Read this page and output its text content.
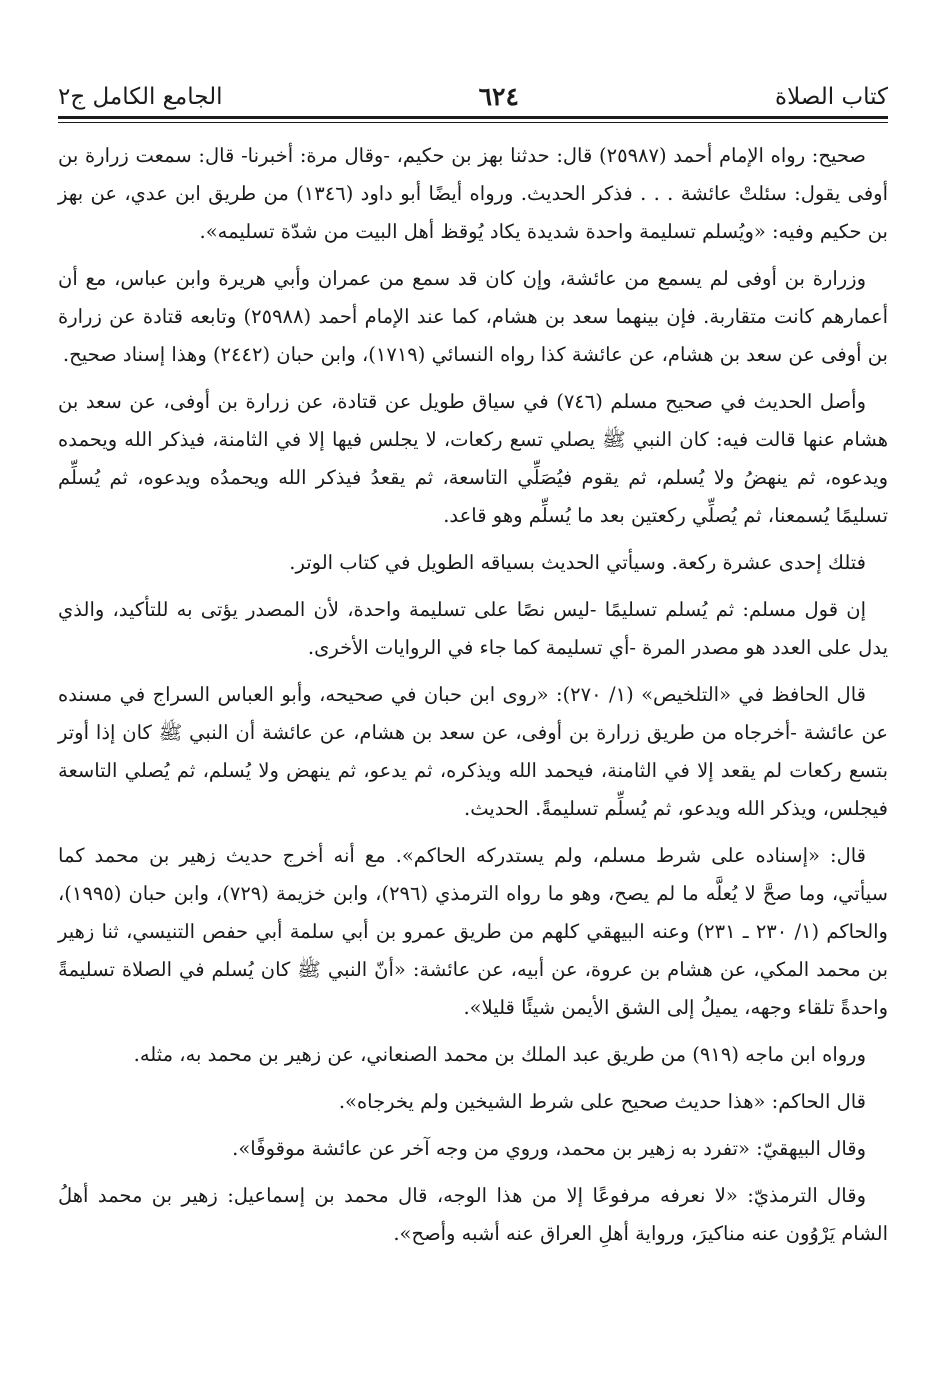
كتاب الصلاة
٦٢٤
الجامع الكامل ج٢

صحيح: رواه الإمام أحمد (٢٥٩٨٧) قال: حدثنا بهز بن حكيم، -وقال مرة: أخبرنا- قال: سمعت زرارة بن أوفى يقول: سئلتْ عائشة . . . فذكر الحديث. ورواه أيضًا أبو داود (١٣٤٦) من طريق ابن عدي، عن بهز بن حكيم وفيه: «ويُسلم تسليمة واحدة شديدة يكاد يُوقظ أهل البيت من شدّة تسليمه».

وزرارة بن أوفى لم يسمع من عائشة، وإن كان قد سمع من عمران وأبي هريرة وابن عباس، مع أن أعمارهم كانت متقاربة. فإن بينهما سعد بن هشام، كما عند الإمام أحمد (٢٥٩٨٨) وتابعه قتادة عن زرارة بن أوفى عن سعد بن هشام، عن عائشة كذا رواه النسائي (١٧١٩)، وابن حبان (٢٤٤٢) وهذا إسناد صحيح.

وأصل الحديث في صحيح مسلم (٧٤٦) في سياق طويل عن قتادة، عن زرارة بن أوفى، عن سعد بن هشام عنها قالت فيه: كان النبي ﷺ يصلي تسع ركعات، لا يجلس فيها إلا في الثامنة، فيذكر الله ويحمده ويدعوه، ثم ينهضُ ولا يُسلم، ثم يقوم فيُصَلِّي التاسعة، ثم يقعدُ فيذكر الله ويحمدُه ويدعوه، ثم يُسلِّم تسليمًا يُسمعنا، ثم يُصلِّي ركعتين بعد ما يُسلِّم وهو قاعد.

فتلك إحدى عشرة ركعة. وسيأتي الحديث بسياقه الطويل في كتاب الوتر.

إن قول مسلم: ثم يُسلم تسليمًا -ليس نصًا على تسليمة واحدة، لأن المصدر يؤتى به للتأكيد، والذي يدل على العدد هو مصدر المرة -أي تسليمة كما جاء في الروايات الأخرى.

قال الحافظ في «التلخيص» (١/ ٢٧٠): «روى ابن حبان في صحيحه، وأبو العباس السراج في مسنده عن عائشة -أخرجاه من طريق زرارة بن أوفى، عن سعد بن هشام، عن عائشة أن النبي ﷺ كان إذا أوتر بتسع ركعات لم يقعد إلا في الثامنة، فيحمد الله ويذكره، ثم يدعو، ثم ينهض ولا يُسلم، ثم يُصلي التاسعة فيجلس، ويذكر الله ويدعو، ثم يُسلِّم تسليمةً. الحديث.

قال: «إسناده على شرط مسلم، ولم يستدركه الحاكم». مع أنه أخرج حديث زهير بن محمد كما سيأتي، وما صحَّ لا يُعلَّه ما لم يصح، وهو ما رواه الترمذي (٢٩٦)، وابن خزيمة (٧٢٩)، وابن حبان (١٩٩٥)، والحاكم (١/ ٢٣٠ ـ ٢٣١) وعنه البيهقي كلهم من طريق عمرو بن أبي سلمة أبي حفص التنيسي، ثنا زهير بن محمد المكي، عن هشام بن عروة، عن أبيه، عن عائشة: «أنّ النبي ﷺ كان يُسلم في الصلاة تسليمةً واحدةً تلقاء وجهه، يميلُ إلى الشق الأيمن شيئًا قليلا».

ورواه ابن ماجه (٩١٩) من طريق عبد الملك بن محمد الصنعاني، عن زهير بن محمد به، مثله.

قال الحاكم: «هذا حديث صحيح على شرط الشيخين ولم يخرجاه».

وقال البيهقيّ: «تفرد به زهير بن محمد، وروي من وجه آخر عن عائشة موقوفًا».

وقال الترمذيّ: «لا نعرفه مرفوعًا إلا من هذا الوجه، قال محمد بن إسماعيل: زهير بن محمد أهلُ الشام يَرْوُون عنه مناكيرَ، ورواية أهلِ العراق عنه أشبه وأصح».
